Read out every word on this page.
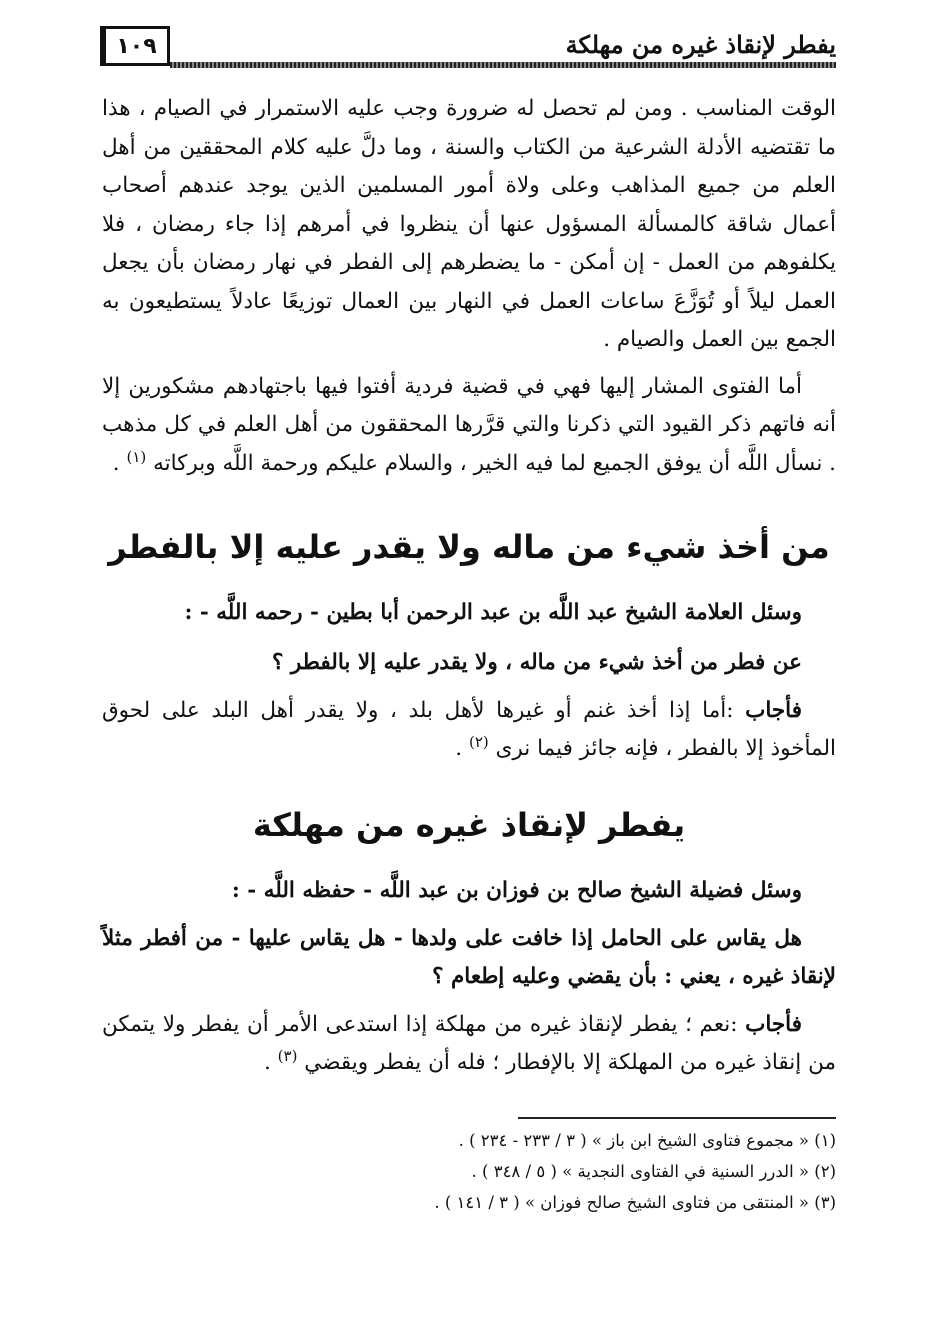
١٠٩	يفطر لإنقاذ غيره من مهلكة

الوقت المناسب . ومن لم تحصل له ضرورة وجب عليه الاستمرار في الصيام ، هذا ما تقتضيه الأدلة الشرعية من الكتاب والسنة ، وما دلَّ عليه كلام المحققين من أهل العلم من جميع المذاهب وعلى ولاة أمور المسلمين الذين يوجد عندهم أصحاب أعمال شاقة كالمسألة المسؤول عنها أن ينظروا في أمرهم إذا جاء رمضان ، فلا يكلفوهم من العمل - إن أمكن - ما يضطرهم إلى الفطر في نهار رمضان بأن يجعل العمل ليلاً أو تُوَزَّعَ ساعات العمل في النهار بين العمال توزيعًا عادلاً يستطيعون به الجمع بين العمل والصيام .

أما الفتوى المشار إليها فهي في قضية فردية أفتوا فيها باجتهادهم مشكورين إلا أنه فاتهم ذكر القيود التي ذكرنا والتي قرَّرها المحققون من أهل العلم في كل مذهب . نسأل اللَّه أن يوفق الجميع لما فيه الخير ، والسلام عليكم ورحمة اللَّه وبركاته $^{(١)}$ .

من أخذ شيء من ماله ولا يقدر عليه إلا بالفطر

وسئل العلامة الشيخ عبد اللَّه بن عبد الرحمن أبا بطين - رحمه اللَّه - :

عن فطر من أخذ شيء من ماله ، ولا يقدر عليه إلا بالفطر ؟

فأجاب :أما إذا أخذ غنم أو غيرها لأهل بلد ، ولا يقدر أهل البلد على لحوق المأخوذ إلا بالفطر ، فإنه جائز فيما نرى $^{(٢)}$ .

يفطر لإنقاذ غيره من مهلكة

وسئل فضيلة الشيخ صالح بن فوزان بن عبد اللَّه - حفظه اللَّه - :

هل يقاس على الحامل إذا خافت على ولدها - هل يقاس عليها - من أفطر مثلاً لإنقاذ غيره ، يعني : بأن يقضي وعليه إطعام ؟

فأجاب :نعم ؛ يفطر لإنقاذ غيره من مهلكة إذا استدعى الأمر أن يفطر ولا يتمكن من إنقاذ غيره من المهلكة إلا بالإفطار ؛ فله أن يفطر ويقضي $^{(٣)}$ .

(١) « مجموع فتاوى الشيخ ابن باز » ( ٣ / ٢٣٣ - ٢٣٤ ) .
(٢) « الدرر السنية في الفتاوى النجدية » ( ٥ / ٣٤٨ ) .
(٣) « المنتقى من فتاوى الشيخ صالح فوزان » ( ٣ / ١٤١ ) .
